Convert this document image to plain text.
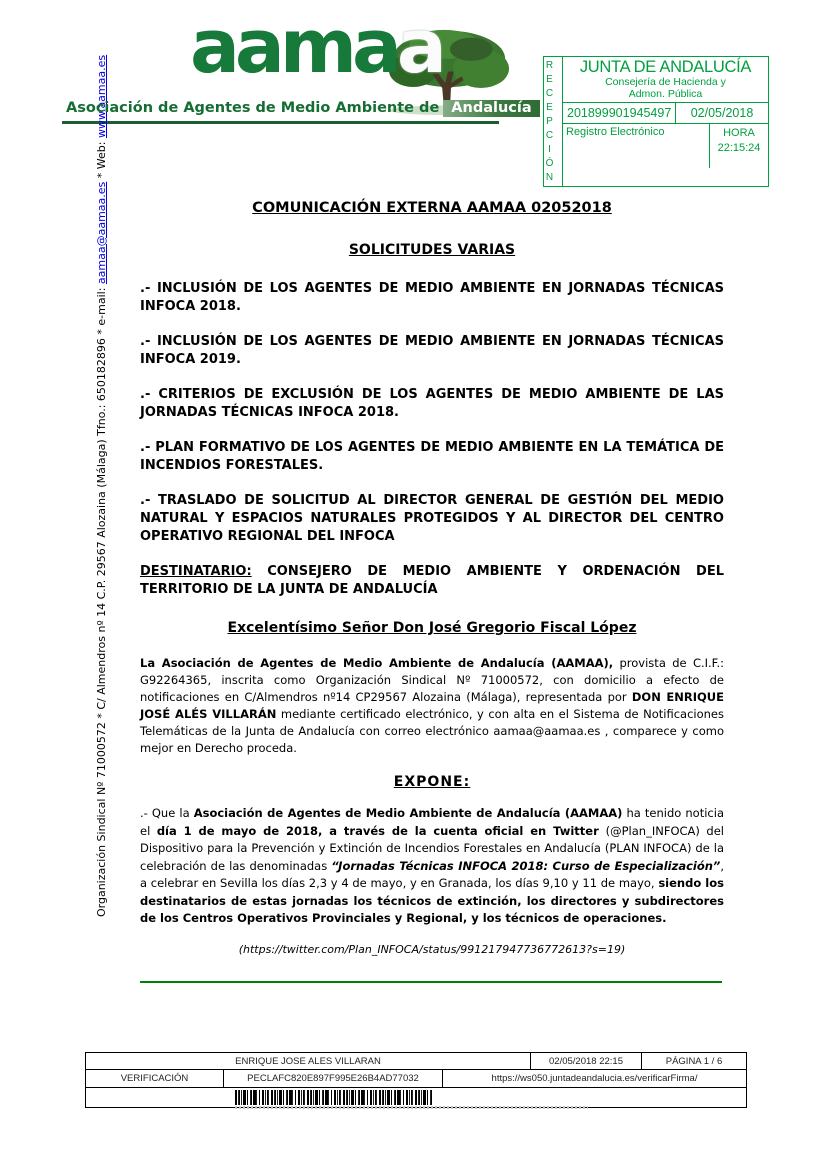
aamaa
Asociación de Agentes de Medio Ambiente de Andalucía	RECEPCIÓN	JUNTA DE ANDALUCÍA
Consejería de Hacienda y
Admon. Pública
201899901945497	02/05/2018
Registro Electrónico	HORA
22:15:24
Organización Sindical Nº 71000572 * C/ Almendros nº 14 C.P. 29567 Alozaina (Málaga) Tfno.: 650182896 * e-mail: aamaa@aamaa.es * Web: www.aamaa.es
COMUNICACIÓN EXTERNA AAMAA 02052018
SOLICITUDES VARIAS

.- INCLUSIÓN DE LOS AGENTES DE MEDIO AMBIENTE EN JORNADAS TÉCNICAS INFOCA 2018.

.- INCLUSIÓN DE LOS AGENTES DE MEDIO AMBIENTE EN JORNADAS TÉCNICAS INFOCA 2019.

.- CRITERIOS DE EXCLUSIÓN DE LOS AGENTES DE MEDIO AMBIENTE DE LAS JORNADAS TÉCNICAS INFOCA 2018.

.- PLAN FORMATIVO DE LOS AGENTES DE MEDIO AMBIENTE EN LA TEMÁTICA DE INCENDIOS FORESTALES.

.- TRASLADO DE SOLICITUD AL DIRECTOR GENERAL DE GESTIÓN DEL MEDIO NATURAL Y ESPACIOS NATURALES PROTEGIDOS Y AL DIRECTOR DEL CENTRO OPERATIVO REGIONAL DEL INFOCA

DESTINATARIO: CONSEJERO DE MEDIO AMBIENTE Y ORDENACIÓN DEL TERRITORIO DE LA JUNTA DE ANDALUCÍA

Excelentísimo Señor Don José Gregorio Fiscal López

La Asociación de Agentes de Medio Ambiente de Andalucía (AAMAA), provista de C.I.F.: G92264365, inscrita como Organización Sindical Nº 71000572, con domicilio a efecto de notificaciones en C/Almendros nº14 CP29567 Alozaina (Málaga), representada por DON ENRIQUE JOSÉ ALÉS VILLARÁN mediante certificado electrónico, y con alta en el Sistema de Notificaciones Telemáticas de la Junta de Andalucía con correo electrónico aamaa@aamaa.es , comparece y como mejor en Derecho proceda.

EXPONE:

.- Que la Asociación de Agentes de Medio Ambiente de Andalucía (AAMAA) ha tenido noticia el día 1 de mayo de 2018, a través de la cuenta oficial en Twitter (@Plan_INFOCA) del Dispositivo para la Prevención y Extinción de Incendios Forestales en Andalucía (PLAN INFOCA) de la celebración de las denominadas “Jornadas Técnicas INFOCA 2018: Curso de Especialización”, a celebrar en Sevilla los días 2,3 y 4 de mayo, y en Granada, los días 9,10 y 11 de mayo, siendo los destinatarios de estas jornadas los técnicos de extinción, los directores y subdirectores de los Centros Operativos Provinciales y Regional, y los técnicos de operaciones.

(https://twitter.com/Plan_INFOCA/status/991217947736772613?s=19)
ENRIQUE JOSE ALES VILLARAN	02/05/2018 22:15	PÁGINA 1 / 6
VERIFICACIÓN	PECLAFC820E897F995E26B4AD77032	https://ws050.juntadeandalucia.es/verificarFirma/
